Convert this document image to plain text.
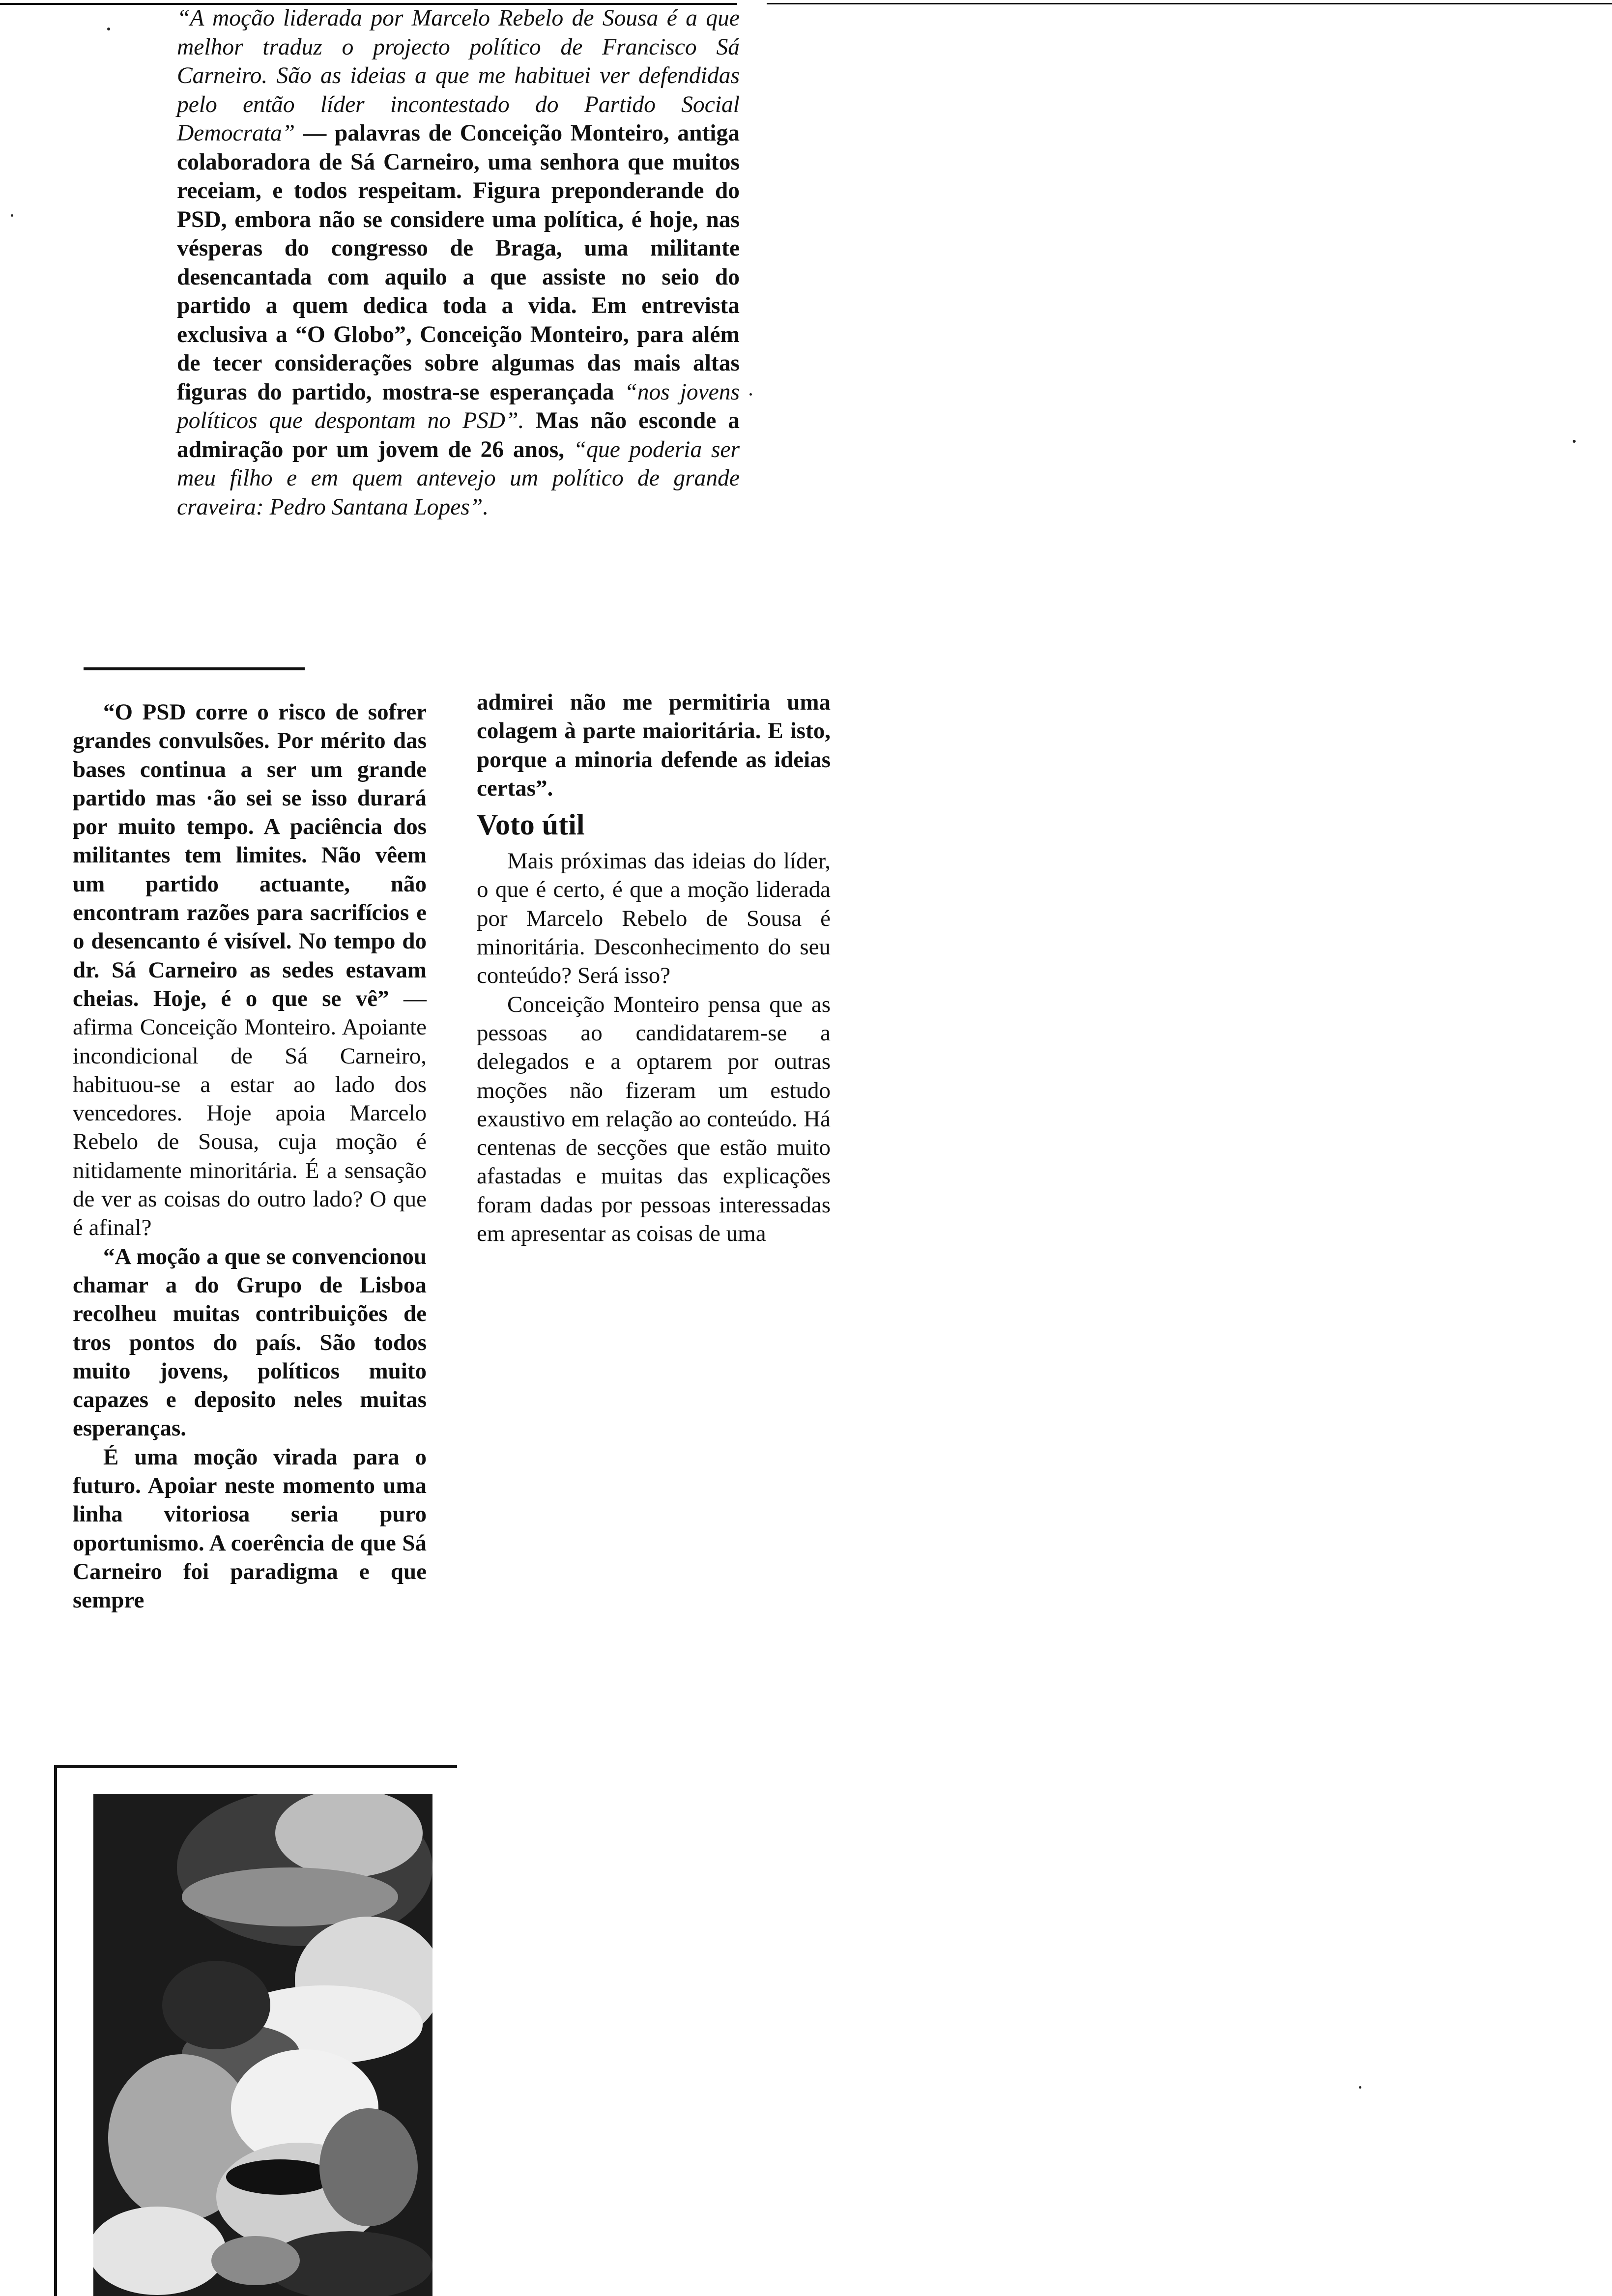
“A moção liderada por Marcelo Rebelo de Sousa é a que melhor traduz o projecto político de Francisco Sá Carneiro. São as ideias a que me habituei ver defendidas pelo então líder incontestado do Partido Social Democrata” — palavras de Conceição Monteiro, antiga colaboradora de Sá Carneiro, uma senhora que muitos receiam, e todos respeitam. Figura preponderande do PSD, embora não se considere uma política, é hoje, nas vésperas do congresso de Braga, uma militante desencantada com aquilo a que assiste no seio do partido a quem dedica toda a vida. Em entrevista exclusiva a “O Globo”, Conceição Monteiro, para além de tecer considerações sobre algumas das mais altas figuras do partido, mostra-se esperançada “nos jovens políticos que despontam no PSD”. Mas não esconde a admiração por um jovem de 26 anos, “que poderia ser meu filho e em quem antevejo um político de grande craveira: Pedro Santana Lopes”.

“O PSD corre o risco de sofrer grandes convulsões. Por mérito das bases continua a ser um grande partido mas ·ão sei se isso durará por muito tempo. A paciência dos militantes tem limites. Não vêem um partido actuante, não encontram razões para sacrifícios e o desencanto é visível. No tempo do dr. Sá Carneiro as sedes estavam cheias. Hoje, é o que se vê” — afirma Conceição Monteiro. Apoiante incondicional de Sá Carneiro, habituou-se a estar ao lado dos vencedores. Hoje apoia Marcelo Rebelo de Sousa, cuja moção é nitidamente minoritária. É a sensação de ver as coisas do outro lado? O que é afinal?

“A moção a que se convencionou chamar a do Grupo de Lisboa recolheu muitas contribuições de tros pontos do país. São todos muito jovens, políticos muito capazes e deposito neles muitas esperanças.

É uma moção virada para o futuro. Apoiar neste momento uma linha vitoriosa seria puro oportunismo. A coerência de que Sá Carneiro foi paradigma e que sempre

admirei não me permitiria uma colagem à parte maioritária. E isto, porque a minoria defende as ideias certas”.

Voto útil

Mais próximas das ideias do líder, o que é certo, é que a moção liderada por Marcelo Rebelo de Sousa é minoritária. Desconhecimento do seu conteúdo? Será isso?

Conceição Monteiro pensa que as pessoas ao candidatarem-se a delegados e a optarem por outras moções não fizeram um estudo exaustivo em relação ao conteúdo. Há centenas de secções que estão muito afastadas e muitas das explicações foram dadas por pessoas interessadas em apresentar as coisas de uma
